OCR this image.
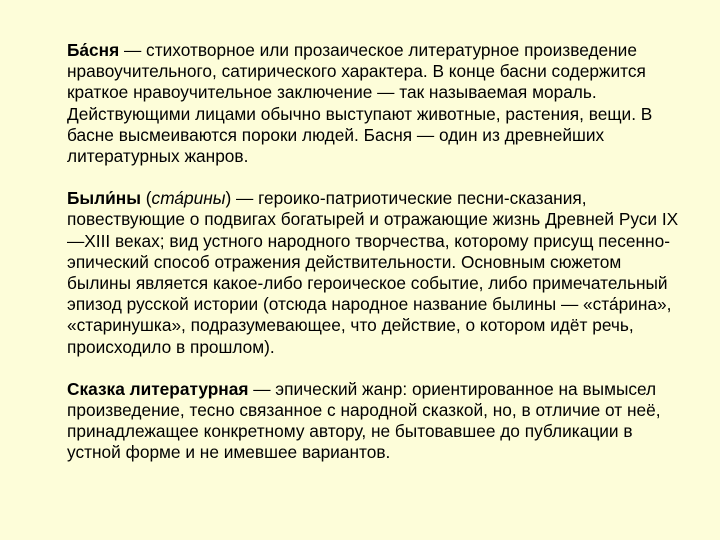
Ба́сня — стихотворное или прозаическое литературное произведение нравоучительного, сатирического характера. В конце басни содержится краткое нравоучительное заключение — так называемая мораль. Действующими лицами обычно выступают животные, растения, вещи. В басне высмеиваются пороки людей. Басня — один из древнейших литературных жанров.

Были́ны (ста́рины) — героико-патриотические песни-сказания, повествующие о подвигах богатырей и отражающие жизнь Древней Руси IX—XIII веках; вид устного народного творчества, которому присущ песенно-эпический способ отражения действительности. Основным сюжетом былины является какое-либо героическое событие, либо примечательный эпизод русской истории (отсюда народное название былины — «ста́рина», «старинушка», подразумевающее, что действие, о котором идёт речь, происходило в прошлом).

Сказка литературная — эпический жанр: ориентированное на вымысел произведение, тесно связанное с народной сказкой, но, в отличие от неё, принадлежащее конкретному автору, не бытовавшее до публикации в устной форме и не имевшее вариантов.
